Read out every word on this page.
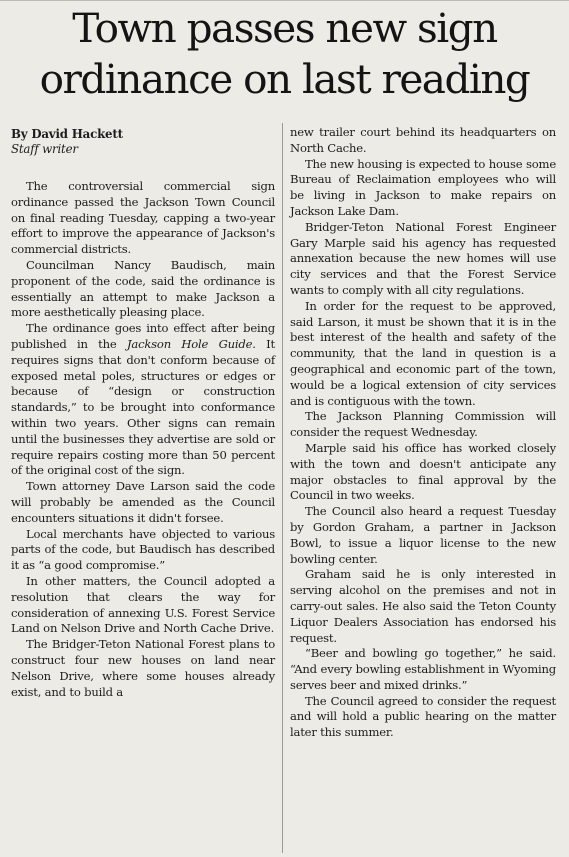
Town passes new sign
ordinance on last reading
By David Hackett
Staff writer

The controversial commercial sign ordinance passed the Jackson Town Council on final reading Tuesday, capping a two-year effort to improve the appearance of Jackson's commercial districts.

Councilman Nancy Baudisch, main proponent of the code, said the ordinance is essentially an attempt to make Jackson a more aesthetically pleasing place.

The ordinance goes into effect after being published in the Jackson Hole Guide. It requires signs that don't conform because of exposed metal poles, structures or edges or because of “design or construction standards,” to be brought into conformance within two years. Other signs can remain until the businesses they advertise are sold or require repairs costing more than 50 percent of the original cost of the sign.

Town attorney Dave Larson said the code will probably be amended as the Council encounters situations it didn't forsee.

Local merchants have objected to various parts of the code, but Baudisch has described it as “a good compromise.”

In other matters, the Council adopted a resolution that clears the way for consideration of annexing U.S. Forest Service Land on Nelson Drive and North Cache Drive.

The Bridger-Teton National Forest plans to construct four new houses on land near Nelson Drive, where some houses already exist, and to build a

new trailer court behind its headquarters on North Cache.

The new housing is expected to house some Bureau of Reclaimation employees who will be living in Jackson to make repairs on Jackson Lake Dam.

Bridger-Teton National Forest Engineer Gary Marple said his agency has requested annexation because the new homes will use city services and that the Forest Service wants to comply with all city regulations.

In order for the request to be approved, said Larson, it must be shown that it is in the best interest of the health and safety of the community, that the land in question is a geographical and economic part of the town, would be a logical extension of city services and is contiguous with the town.

The Jackson Planning Commission will consider the request Wednesday.

Marple said his office has worked closely with the town and doesn't anticipate any major obstacles to final approval by the Council in two weeks.

The Council also heard a request Tuesday by Gordon Graham, a partner in Jackson Bowl, to issue a liquor license to the new bowling center.

Graham said he is only interested in serving alcohol on the premises and not in carry-out sales. He also said the Teton County Liquor Dealers Association has endorsed his request.

“Beer and bowling go together,” he said. “And every bowling establishment in Wyoming serves beer and mixed drinks.”

The Council agreed to consider the request and will hold a public hearing on the matter later this summer.
